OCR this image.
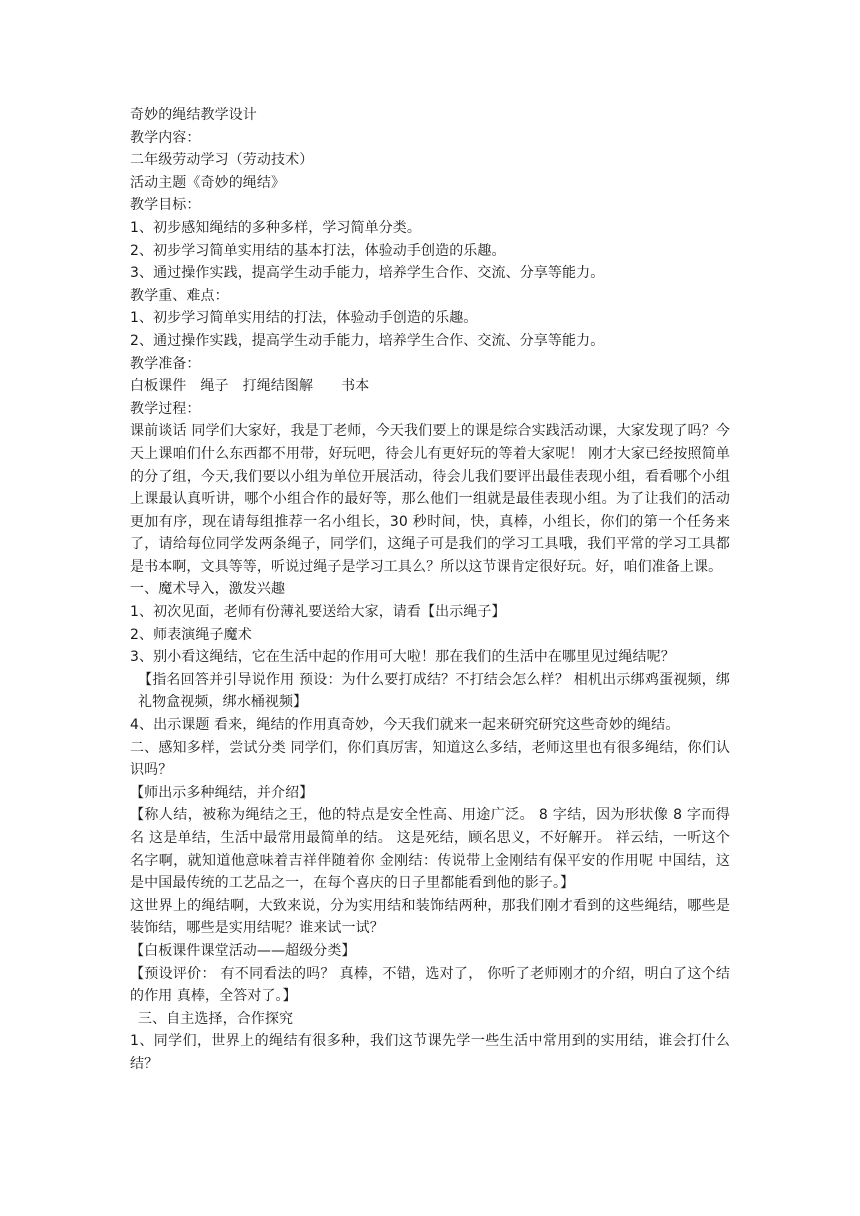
奇妙的绳结教学设计
教学内容：
二年级劳动学习（劳动技术）
活动主题《奇妙的绳结》
教学目标：
1、初步感知绳结的多种多样，学习简单分类。
2、初步学习简单实用结的基本打法，体验动手创造的乐趣。
3、通过操作实践，提高学生动手能力，培养学生合作、交流、分享等能力。
教学重、难点：
1、初步学习简单实用结的打法，体验动手创造的乐趣。
2、通过操作实践，提高学生动手能力，培养学生合作、交流、分享等能力。
教学准备：
白板课件 绳子 打绳结图解 书本
教学过程：
课前谈话 同学们大家好，我是丁老师，今天我们要上的课是综合实践活动课，大家发现了吗？今天上课咱们什么东西都不用带，好玩吧，待会儿有更好玩的等着大家呢！ 刚才大家已经按照简单的分了组，今天,我们要以小组为单位开展活动，待会儿我们要评出最佳表现小组，看看哪个小组上课最认真听讲，哪个小组合作的最好等，那么他们一组就是最佳表现小组。为了让我们的活动更加有序，现在请每组推荐一名小组长，30 秒时间，快，真棒，小组长，你们的第一个任务来了，请给每位同学发两条绳子，同学们，这绳子可是我们的学习工具哦，我们平常的学习工具都是书本啊，文具等等，听说过绳子是学习工具么？所以这节课肯定很好玩。好，咱们准备上课。
一、魔术导入，激发兴趣
1、初次见面，老师有份薄礼要送给大家，请看【出示绳子】
2、师表演绳子魔术
3、别小看这绳结，它在生活中起的作用可大啦！那在我们的生活中在哪里见过绳结呢？
【指名回答并引导说作用 预设：为什么要打成结？不打结会怎么样？ 相机出示绑鸡蛋视频，绑礼物盒视频，绑水桶视频】
4、出示课题 看来，绳结的作用真奇妙，今天我们就来一起来研究研究这些奇妙的绳结。
二、感知多样，尝试分类 同学们，你们真厉害，知道这么多结，老师这里也有很多绳结，你们认识吗？
【师出示多种绳结，并介绍】
【称人结，被称为绳结之王，他的特点是安全性高、用途广泛。 8 字结，因为形状像 8 字而得名 这是单结，生活中最常用最简单的结。 这是死结，顾名思义，不好解开。 祥云结，一听这个名字啊，就知道他意味着吉祥伴随着你 金刚结：传说带上金刚结有保平安的作用呢 中国结，这是中国最传统的工艺品之一，在每个喜庆的日子里都能看到他的影子。】
这世界上的绳结啊，大致来说，分为实用结和装饰结两种，那我们刚才看到的这些绳结，哪些是装饰结，哪些是实用结呢？谁来试一试？
【白板课件课堂活动——超级分类】
【预设评价： 有不同看法的吗？ 真棒，不错，选对了， 你听了老师刚才的介绍，明白了这个结的作用 真棒，全答对了。】
三、自主选择，合作探究
1、同学们，世界上的绳结有很多种，我们这节课先学一些生活中常用到的实用结，谁会打什么结？
